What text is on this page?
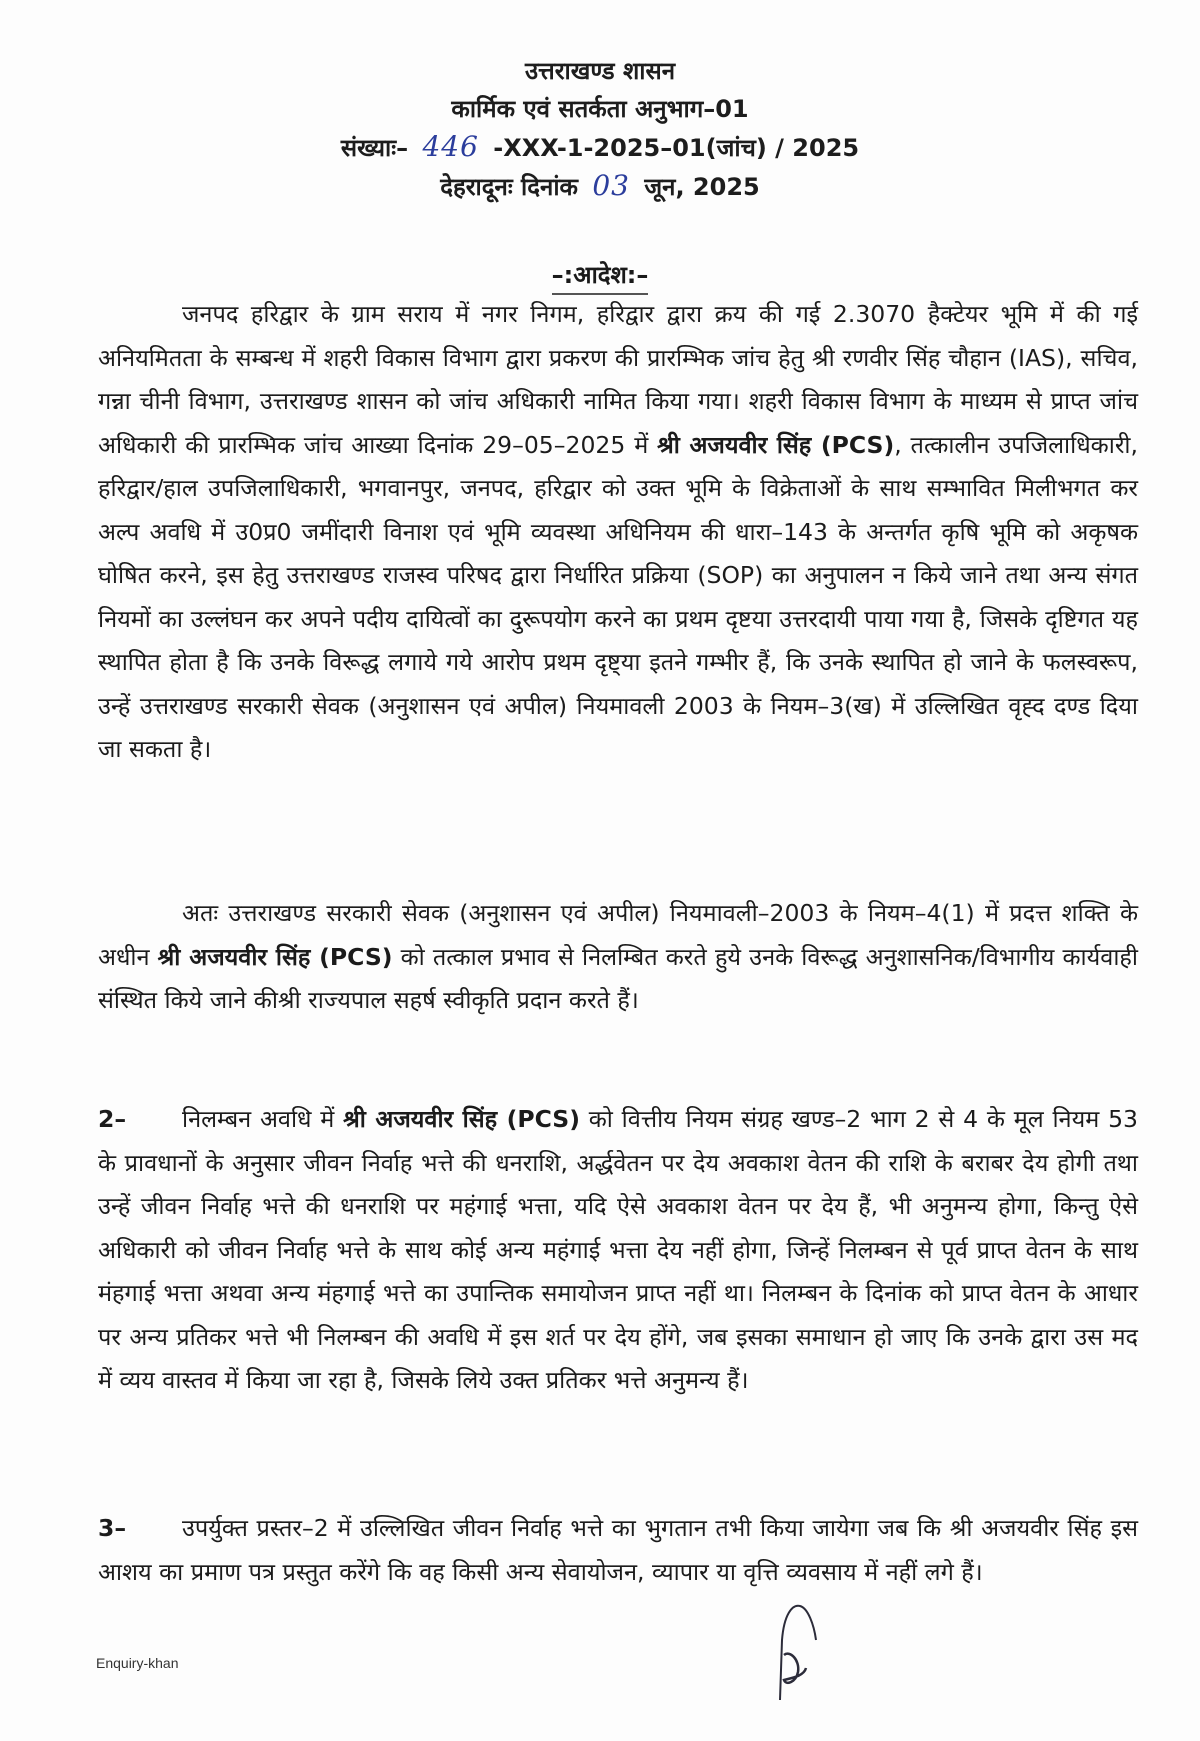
उत्तराखण्ड शासन
कार्मिक एवं सतर्कता अनुभाग–01
संख्याः– 446 -XXX-1-2025–01(जांच) / 2025
देहरादूनः दिनांक 03 जून, 2025
–:आदेश:–
जनपद हरिद्वार के ग्राम सराय में नगर निगम, हरिद्वार द्वारा क्रय की गई 2.3070 हैक्टेयर भूमि में की गई अनियमितता के सम्बन्ध में शहरी विकास विभाग द्वारा प्रकरण की प्रारम्भिक जांच हेतु श्री रणवीर सिंह चौहान (IAS), सचिव, गन्ना चीनी विभाग, उत्तराखण्ड शासन को जांच अधिकारी नामित किया गया। शहरी विकास विभाग के माध्यम से प्राप्त जांच अधिकारी की प्रारम्भिक जांच आख्या दिनांक 29–05–2025 में श्री अजयवीर सिंह (PCS), तत्कालीन उपजिलाधिकारी, हरिद्वार/हाल उपजिलाधिकारी, भगवानपुर, जनपद, हरिद्वार को उक्त भूमि के विक्रेताओं के साथ सम्भावित मिलीभगत कर अल्प अवधि में उ0प्र0 जमींदारी विनाश एवं भूमि व्यवस्था अधिनियम की धारा–143 के अन्तर्गत कृषि भूमि को अकृषक घोषित करने, इस हेतु उत्तराखण्ड राजस्व परिषद द्वारा निर्धारित प्रक्रिया (SOP) का अनुपालन न किये जाने तथा अन्य संगत नियमों का उल्लंघन कर अपने पदीय दायित्वों का दुरूपयोग करने का प्रथम दृष्टया उत्तरदायी पाया गया है, जिसके दृष्टिगत यह स्थापित होता है कि उनके विरूद्ध लगाये गये आरोप प्रथम दृष्ट्या इतने गम्भीर हैं, कि उनके स्थापित हो जाने के फलस्वरूप, उन्हें उत्तराखण्ड सरकारी सेवक (अनुशासन एवं अपील) नियमावली 2003 के नियम–3(ख) में उल्लिखित वृह्द दण्ड दिया जा सकता है।
अतः उत्तराखण्ड सरकारी सेवक (अनुशासन एवं अपील) नियमावली–2003 के नियम–4(1) में प्रदत्त शक्ति के अधीन श्री अजयवीर सिंह (PCS) को तत्काल प्रभाव से निलम्बित करते हुये उनके विरूद्ध अनुशासनिक/विभागीय कार्यवाही संस्थित किये जाने कीश्री राज्यपाल सहर्ष स्वीकृति प्रदान करते हैं।
2– निलम्बन अवधि में श्री अजयवीर सिंह (PCS) को वित्तीय नियम संग्रह खण्ड–2 भाग 2 से 4 के मूल नियम 53 के प्रावधानों के अनुसार जीवन निर्वाह भत्ते की धनराशि, अर्द्धवेतन पर देय अवकाश वेतन की राशि के बराबर देय होगी तथा उन्हें जीवन निर्वाह भत्ते की धनराशि पर महंगाई भत्ता, यदि ऐसे अवकाश वेतन पर देय हैं, भी अनुमन्य होगा, किन्तु ऐसे अधिकारी को जीवन निर्वाह भत्ते के साथ कोई अन्य महंगाई भत्ता देय नहीं होगा, जिन्हें निलम्बन से पूर्व प्राप्त वेतन के साथ मंहगाई भत्ता अथवा अन्य मंहगाई भत्ते का उपान्तिक समायोजन प्राप्त नहीं था। निलम्बन के दिनांक को प्राप्त वेतन के आधार पर अन्य प्रतिकर भत्ते भी निलम्बन की अवधि में इस शर्त पर देय होंगे, जब इसका समाधान हो जाए कि उनके द्वारा उस मद में व्यय वास्तव में किया जा रहा है, जिसके लिये उक्त प्रतिकर भत्ते अनुमन्य हैं।
3– उपर्युक्त प्रस्तर–2 में उल्लिखित जीवन निर्वाह भत्ते का भुगतान तभी किया जायेगा जब कि श्री अजयवीर सिंह इस आशय का प्रमाण पत्र प्रस्तुत करेंगे कि वह किसी अन्य सेवायोजन, व्यापार या वृत्ति व्यवसाय में नहीं लगे हैं।
Enquiry-khan
